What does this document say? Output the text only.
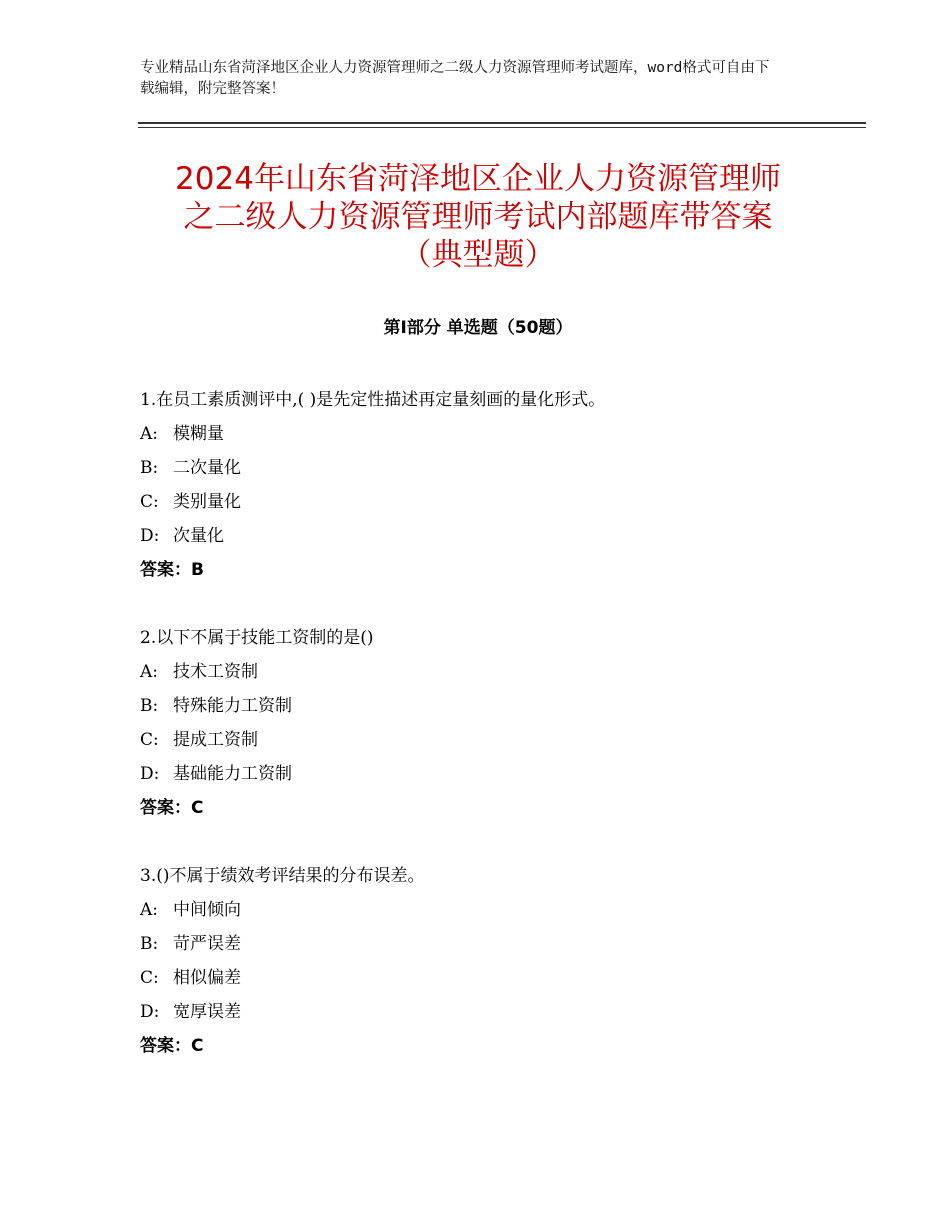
专业精品山东省菏泽地区企业人力资源管理师之二级人力资源管理师考试题库，word格式可自由下载编辑，附完整答案！
2024年山东省菏泽地区企业人力资源管理师
之二级人力资源管理师考试内部题库带答案
（典型题）
第Ⅰ部分 单选题（50题）
1.在员工素质测评中,( )是先定性描述再定量刻画的量化形式。
A: 模糊量
B: 二次量化
C: 类别量化
D: 次量化
答案：B
2.以下不属于技能工资制的是()
A: 技术工资制
B: 特殊能力工资制
C: 提成工资制
D: 基础能力工资制
答案：C
3.()不属于绩效考评结果的分布误差。
A: 中间倾向
B: 苛严误差
C: 相似偏差
D: 宽厚误差
答案：C
